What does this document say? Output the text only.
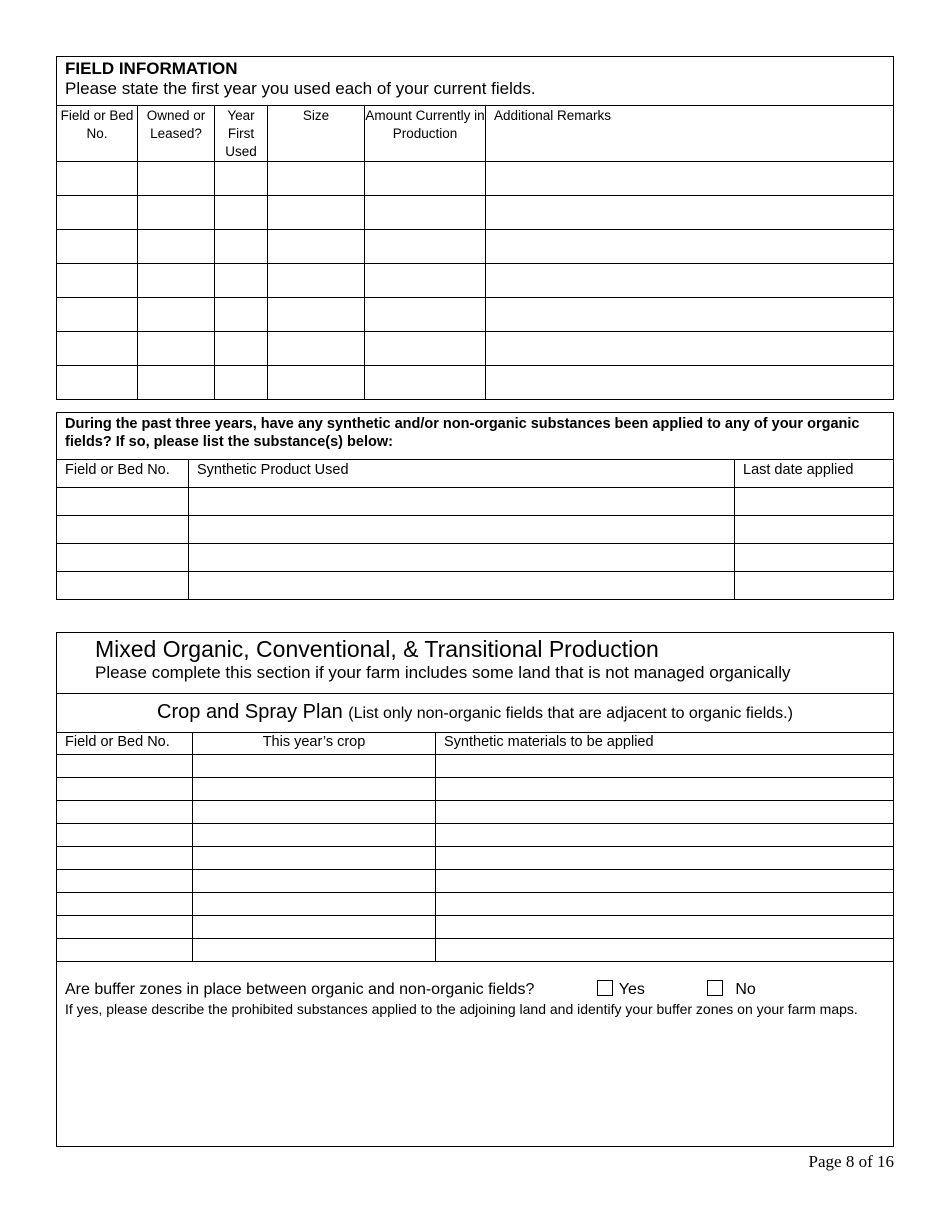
FIELD INFORMATION
Please state the first year you used each of your current fields.					

Field or Bed No.	Owned or Leased?	Year First Used	Size	Amount Currently in Production	Additional Remarks

During the past three years, have any synthetic and/or non-organic substances been applied to any of your organic fields? If so, please list the substance(s) below:		
Field or Bed No.	Synthetic Product Used	Last date applied

Mixed Organic, Conventional, & Transitional Production
Please complete this section if your farm includes some land that is not managed organically		

Crop and Spray Plan (List only non-organic fields that are adjacent to organic fields.)		
Field or Bed No.	This year’s crop	Synthetic materials to be applied

Are buffer zones in place between organic and non-organic fields? Yes No
If yes, please describe the prohibited substances applied to the adjoining land and identify your buffer zones on your farm maps.		
Page 8 of 16
